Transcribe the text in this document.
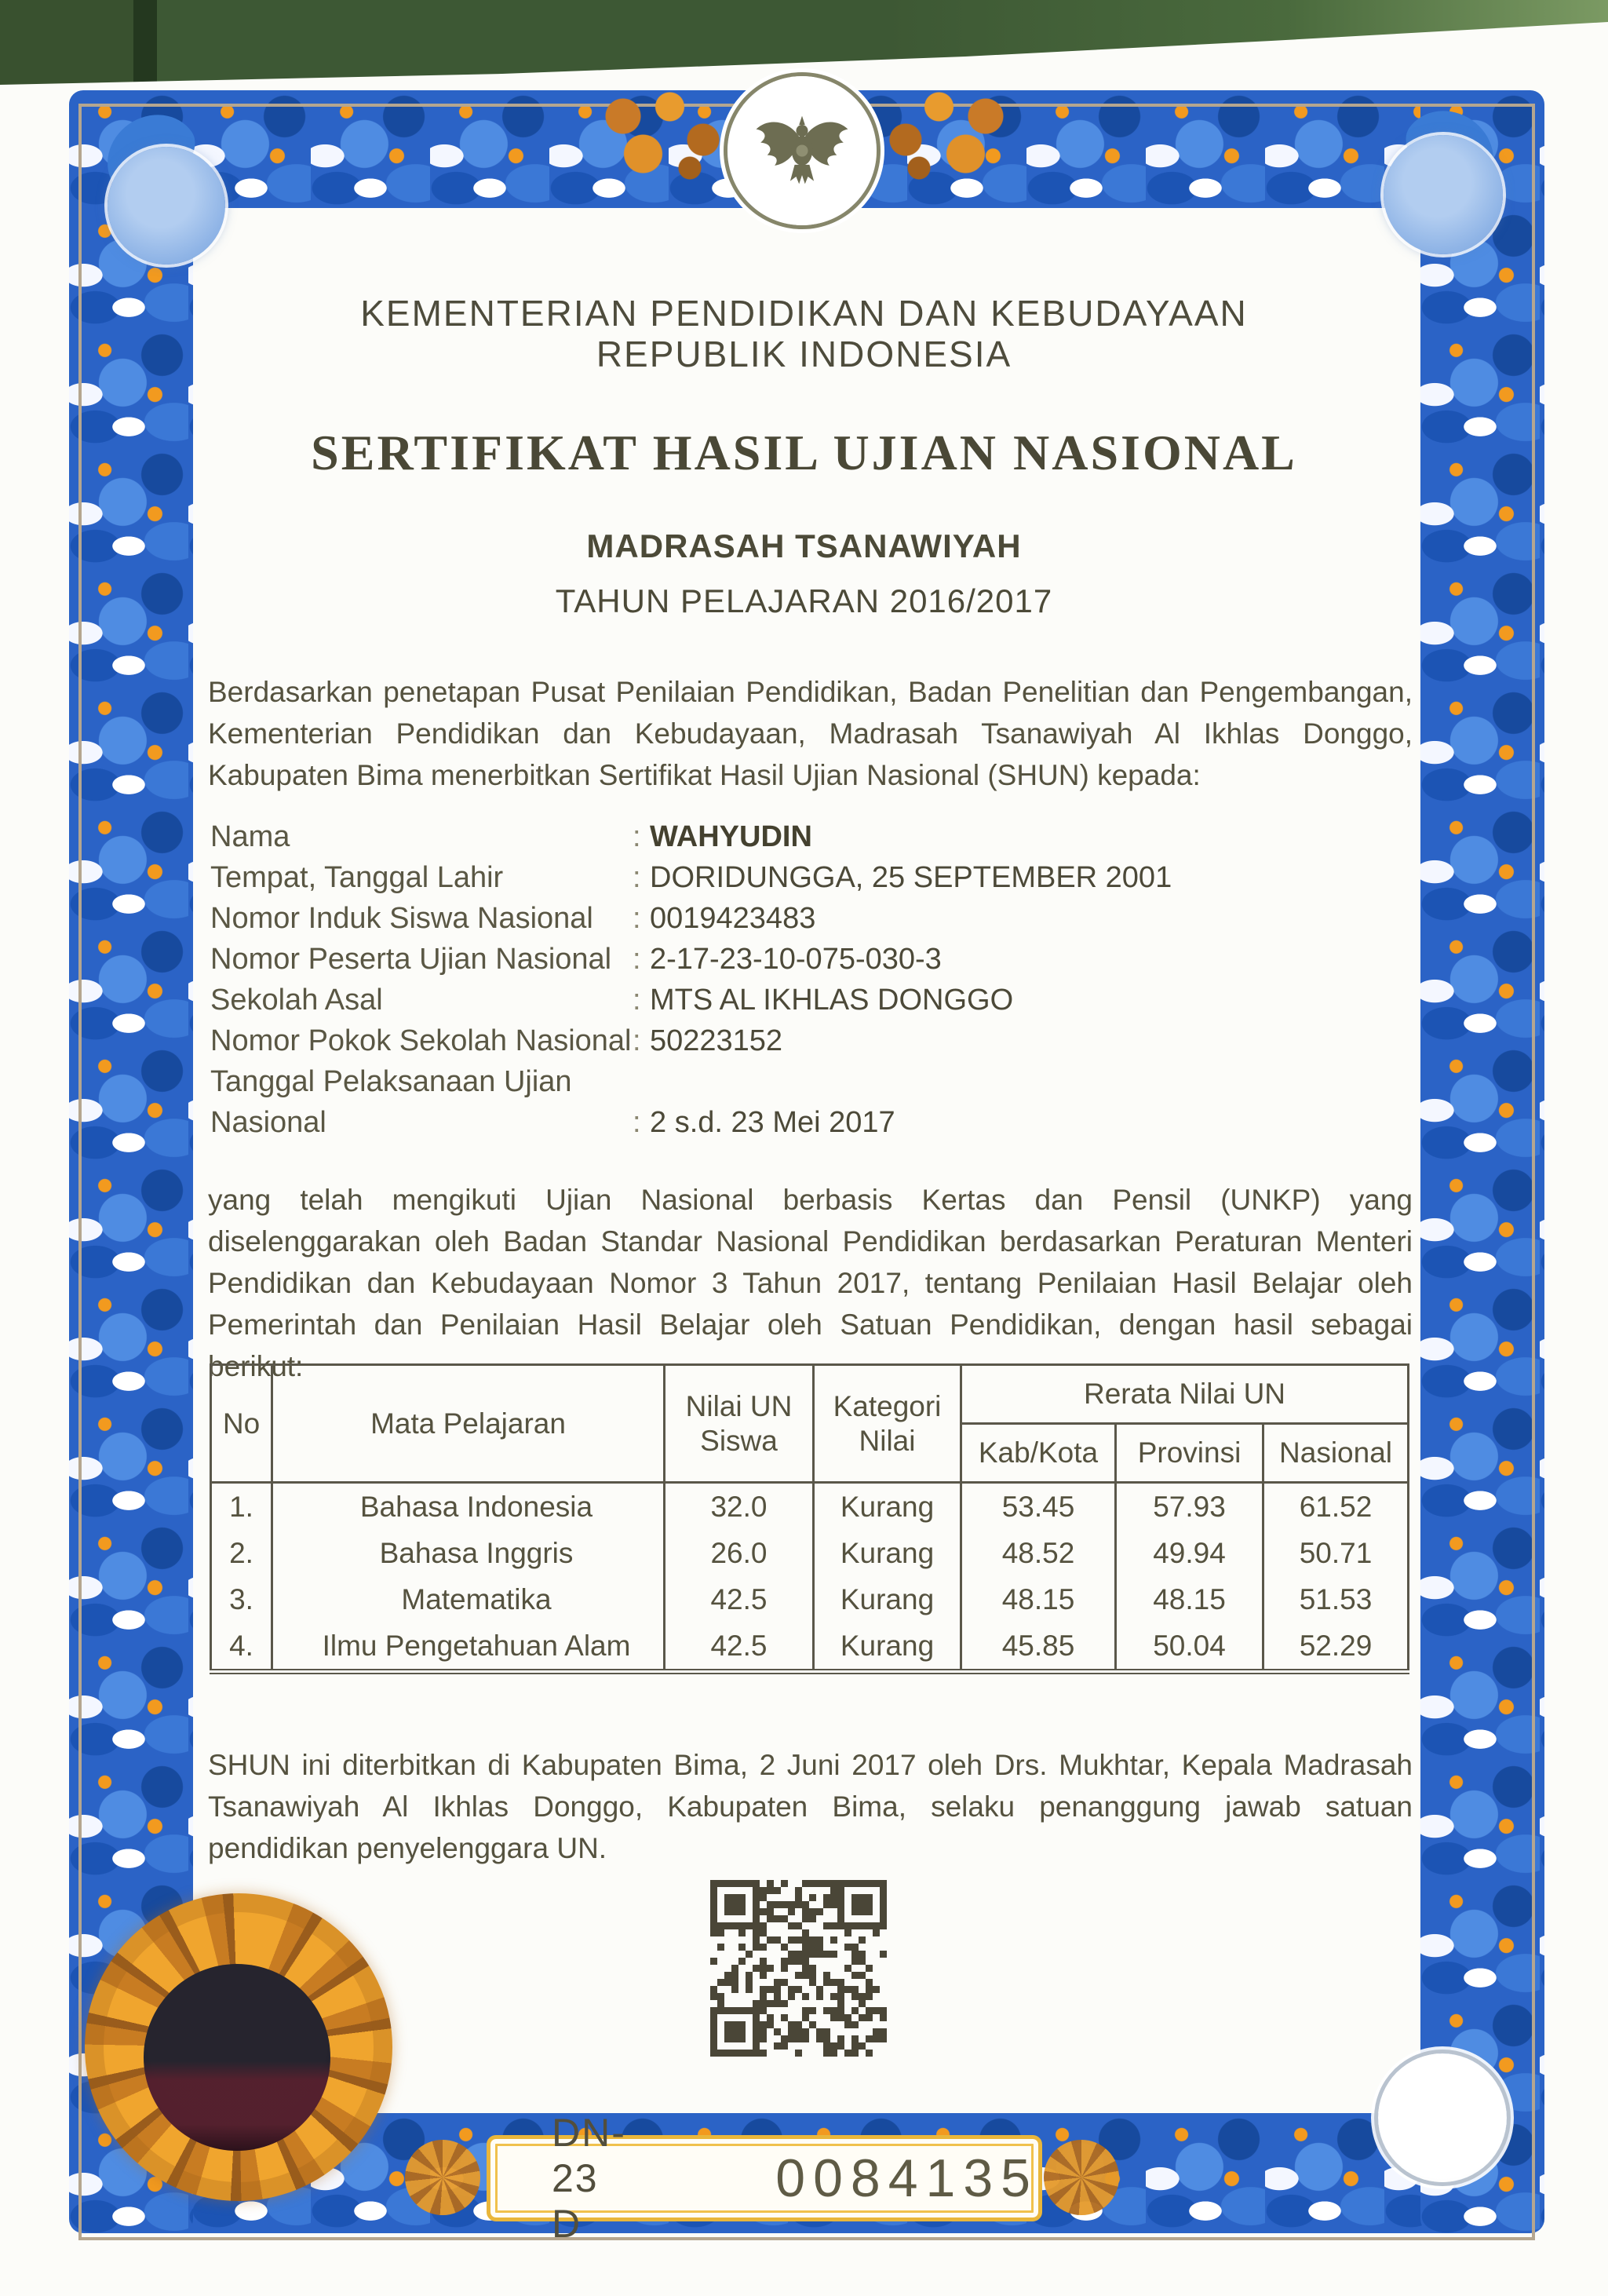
KEMENTERIAN PENDIDIKAN DAN KEBUDAYAAN
REPUBLIK INDONESIA
SERTIFIKAT HASIL UJIAN NASIONAL
MADRASAH TSANAWIYAH
TAHUN PELAJARAN 2016/2017
Berdasarkan penetapan Pusat Penilaian Pendidikan, Badan Penelitian dan Pengembangan, Kementerian Pendidikan dan Kebudayaan, Madrasah Tsanawiyah Al Ikhlas Donggo, Kabupaten Bima menerbitkan Sertifikat Hasil Ujian Nasional (SHUN) kepada:
Nama	: WAHYUDIN
Tempat, Tanggal Lahir	: DORIDUNGGA, 25 SEPTEMBER 2001
Nomor Induk Siswa Nasional	: 0019423483
Nomor Peserta Ujian Nasional : 2-17-23-10-075-030-3
Sekolah Asal	: MTS AL IKHLAS DONGGO
Nomor Pokok Sekolah Nasional : 50223152
Tanggal Pelaksanaan Ujian
Nasional	: 2 s.d. 23 Mei 2017
yang telah mengikuti Ujian Nasional berbasis Kertas dan Pensil (UNKP) yang diselenggarakan oleh Badan Standar Nasional Pendidikan berdasarkan Peraturan Menteri Pendidikan dan Kebudayaan Nomor 3 Tahun 2017, tentang Penilaian Hasil Belajar oleh Pemerintah dan Penilaian Hasil Belajar oleh Satuan Pendidikan, dengan hasil sebagai berikut:
No	Mata Pelajaran	Nilai UN Siswa	Kategori Nilai	Rerata Nilai UN		
				Kab/Kota	Provinsi	Nasional
1.	Bahasa Indonesia	32.0	Kurang	53.45	57.93	61.52
2.	Bahasa Inggris	26.0	Kurang	48.52	49.94	50.71
3.	Matematika	42.5	Kurang	48.15	48.15	51.53
4.	Ilmu Pengetahuan Alam	42.5	Kurang	45.85	50.04	52.29
SHUN ini diterbitkan di Kabupaten Bima, 2 Juni 2017 oleh Drs. Mukhtar, Kepala Madrasah Tsanawiyah Al Ikhlas Donggo, Kabupaten Bima, selaku penanggung jawab satuan pendidikan penyelenggara UN.
DN-23 D
0084135
